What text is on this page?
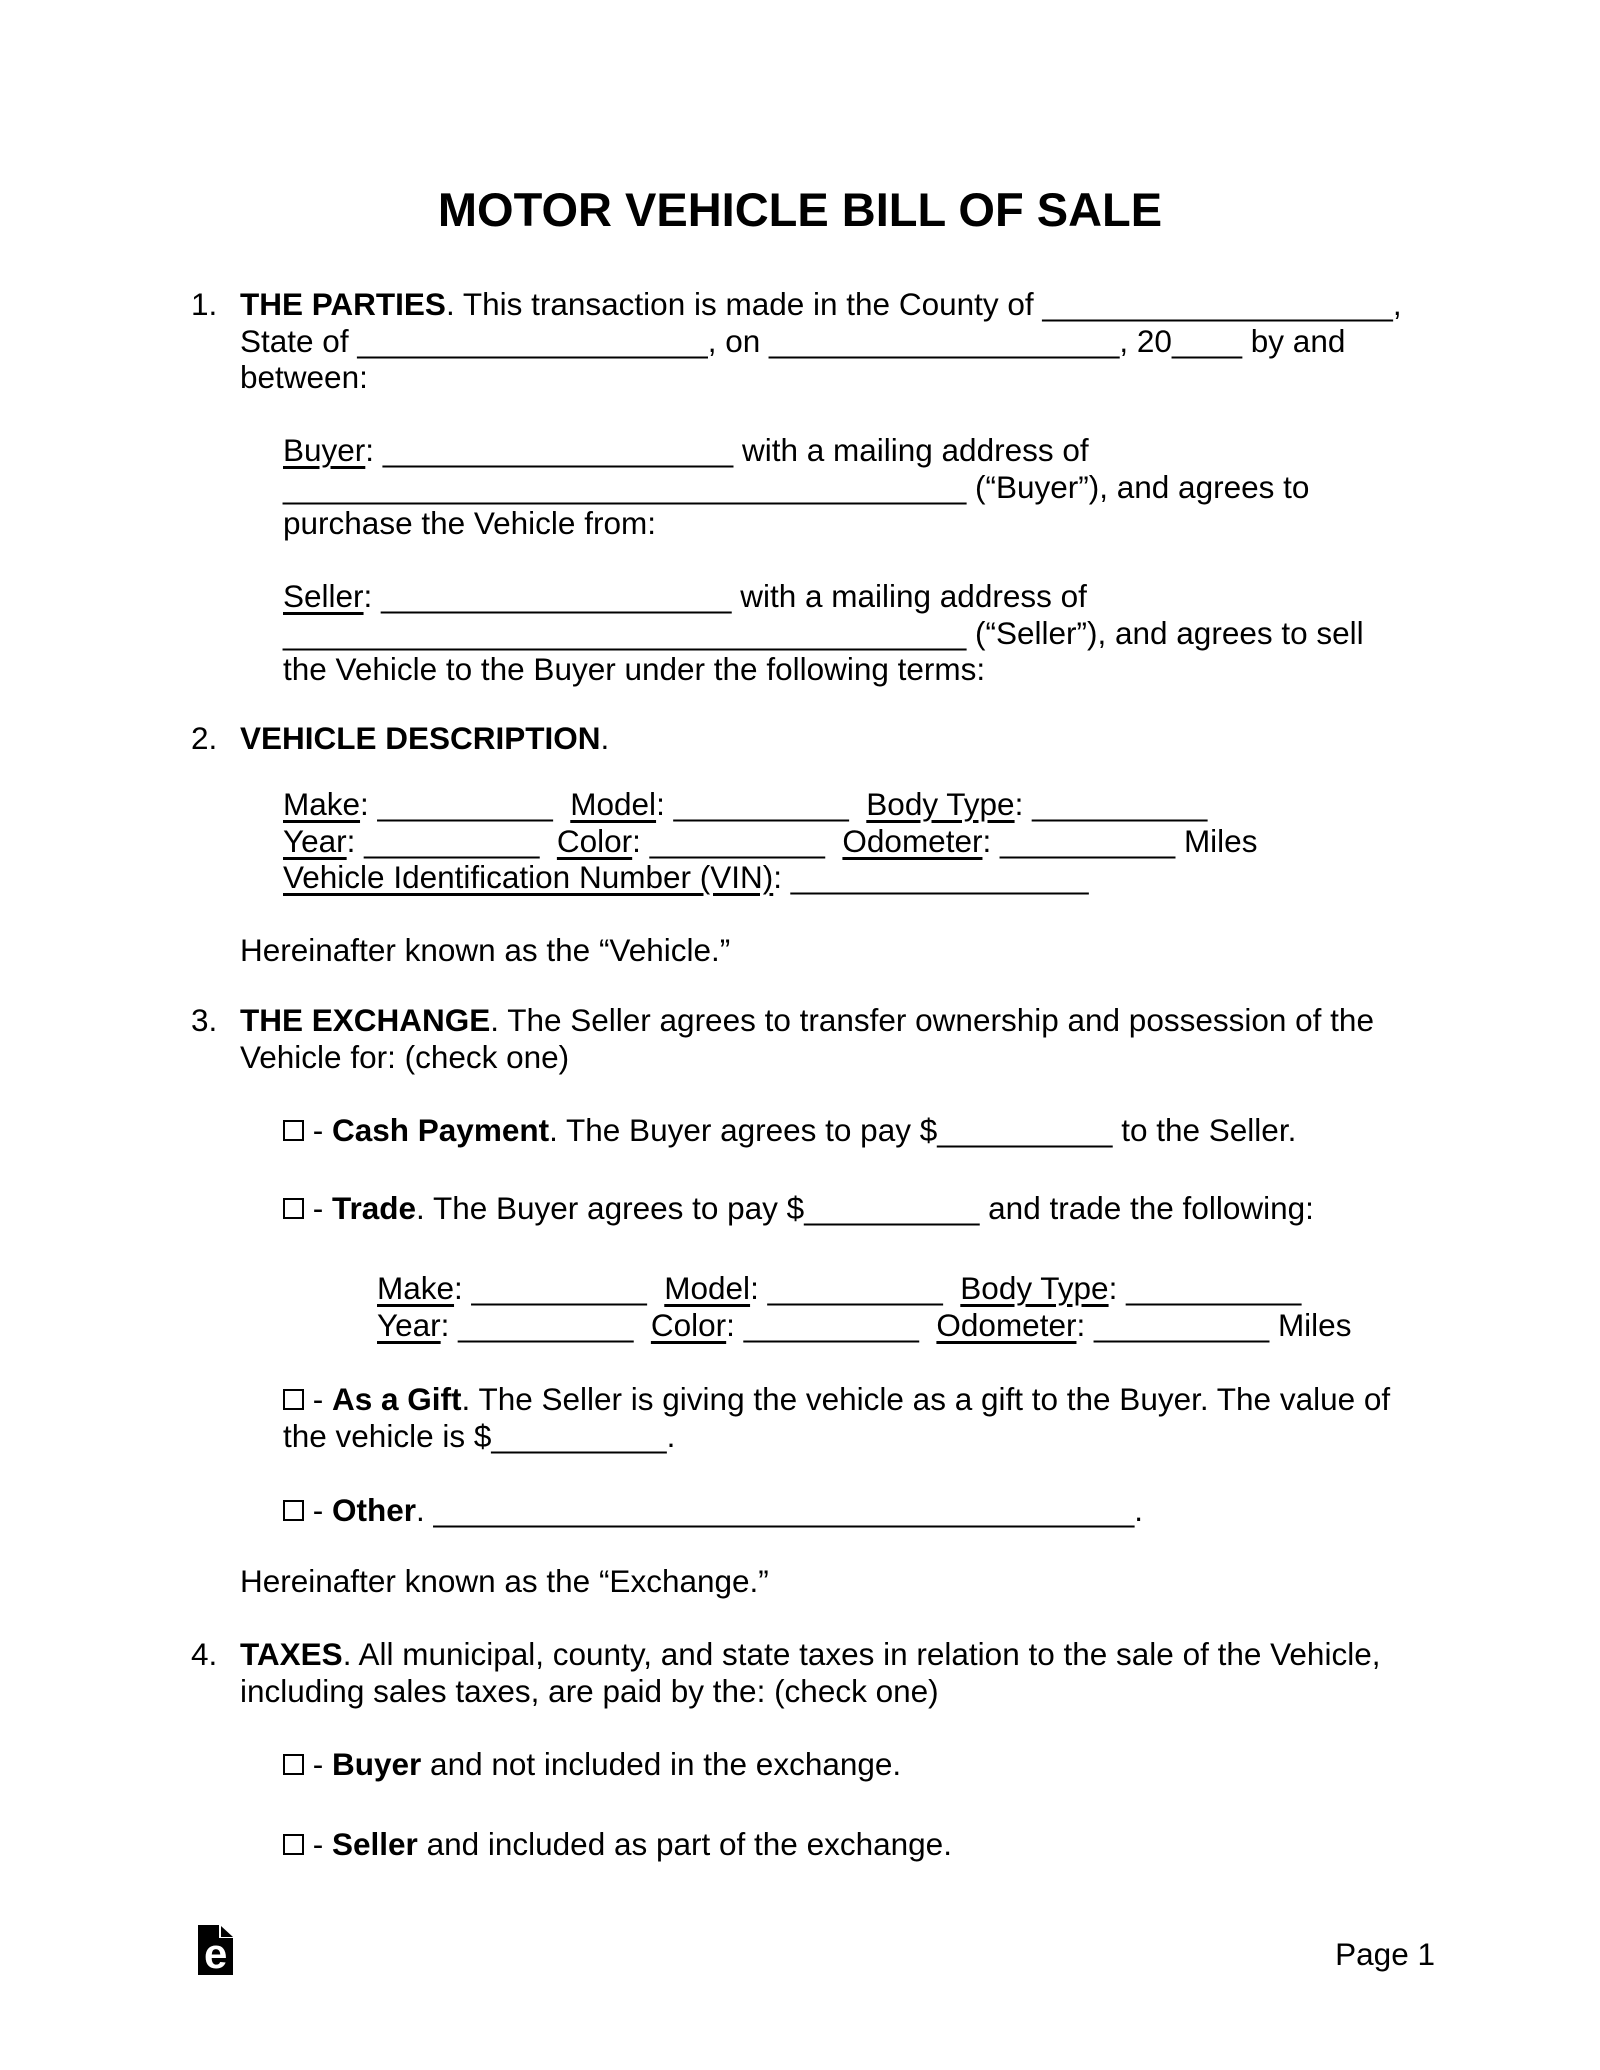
MOTOR VEHICLE BILL OF SALE
1. THE PARTIES. This transaction is made in the County of ____________________,
State of ____________________, on ____________________, 20____ by and
between:
Buyer: ____________________ with a mailing address of
_______________________________________ (“Buyer”), and agrees to
purchase the Vehicle from:
Seller: ____________________ with a mailing address of
_______________________________________ (“Seller”), and agrees to sell
the Vehicle to the Buyer under the following terms:
2. VEHICLE DESCRIPTION.
Make: __________ Model: __________ Body Type: __________
Year: __________ Color: __________ Odometer: __________ Miles
Vehicle Identification Number (VIN): _________________
Hereinafter known as the “Vehicle.”
3. THE EXCHANGE. The Seller agrees to transfer ownership and possession of the
Vehicle for: (check one)
- Cash Payment. The Buyer agrees to pay $__________ to the Seller.
- Trade. The Buyer agrees to pay $__________ and trade the following:
Make: __________ Model: __________ Body Type: __________
Year: __________ Color: __________ Odometer: __________ Miles
- As a Gift. The Seller is giving the vehicle as a gift to the Buyer. The value of
the vehicle is $__________.
- Other. ________________________________________.
Hereinafter known as the “Exchange.”
4. TAXES. All municipal, county, and state taxes in relation to the sale of the Vehicle,
including sales taxes, are paid by the: (check one)
- Buyer and not included in the exchange.
- Seller and included as part of the exchange.
e	Page 1
